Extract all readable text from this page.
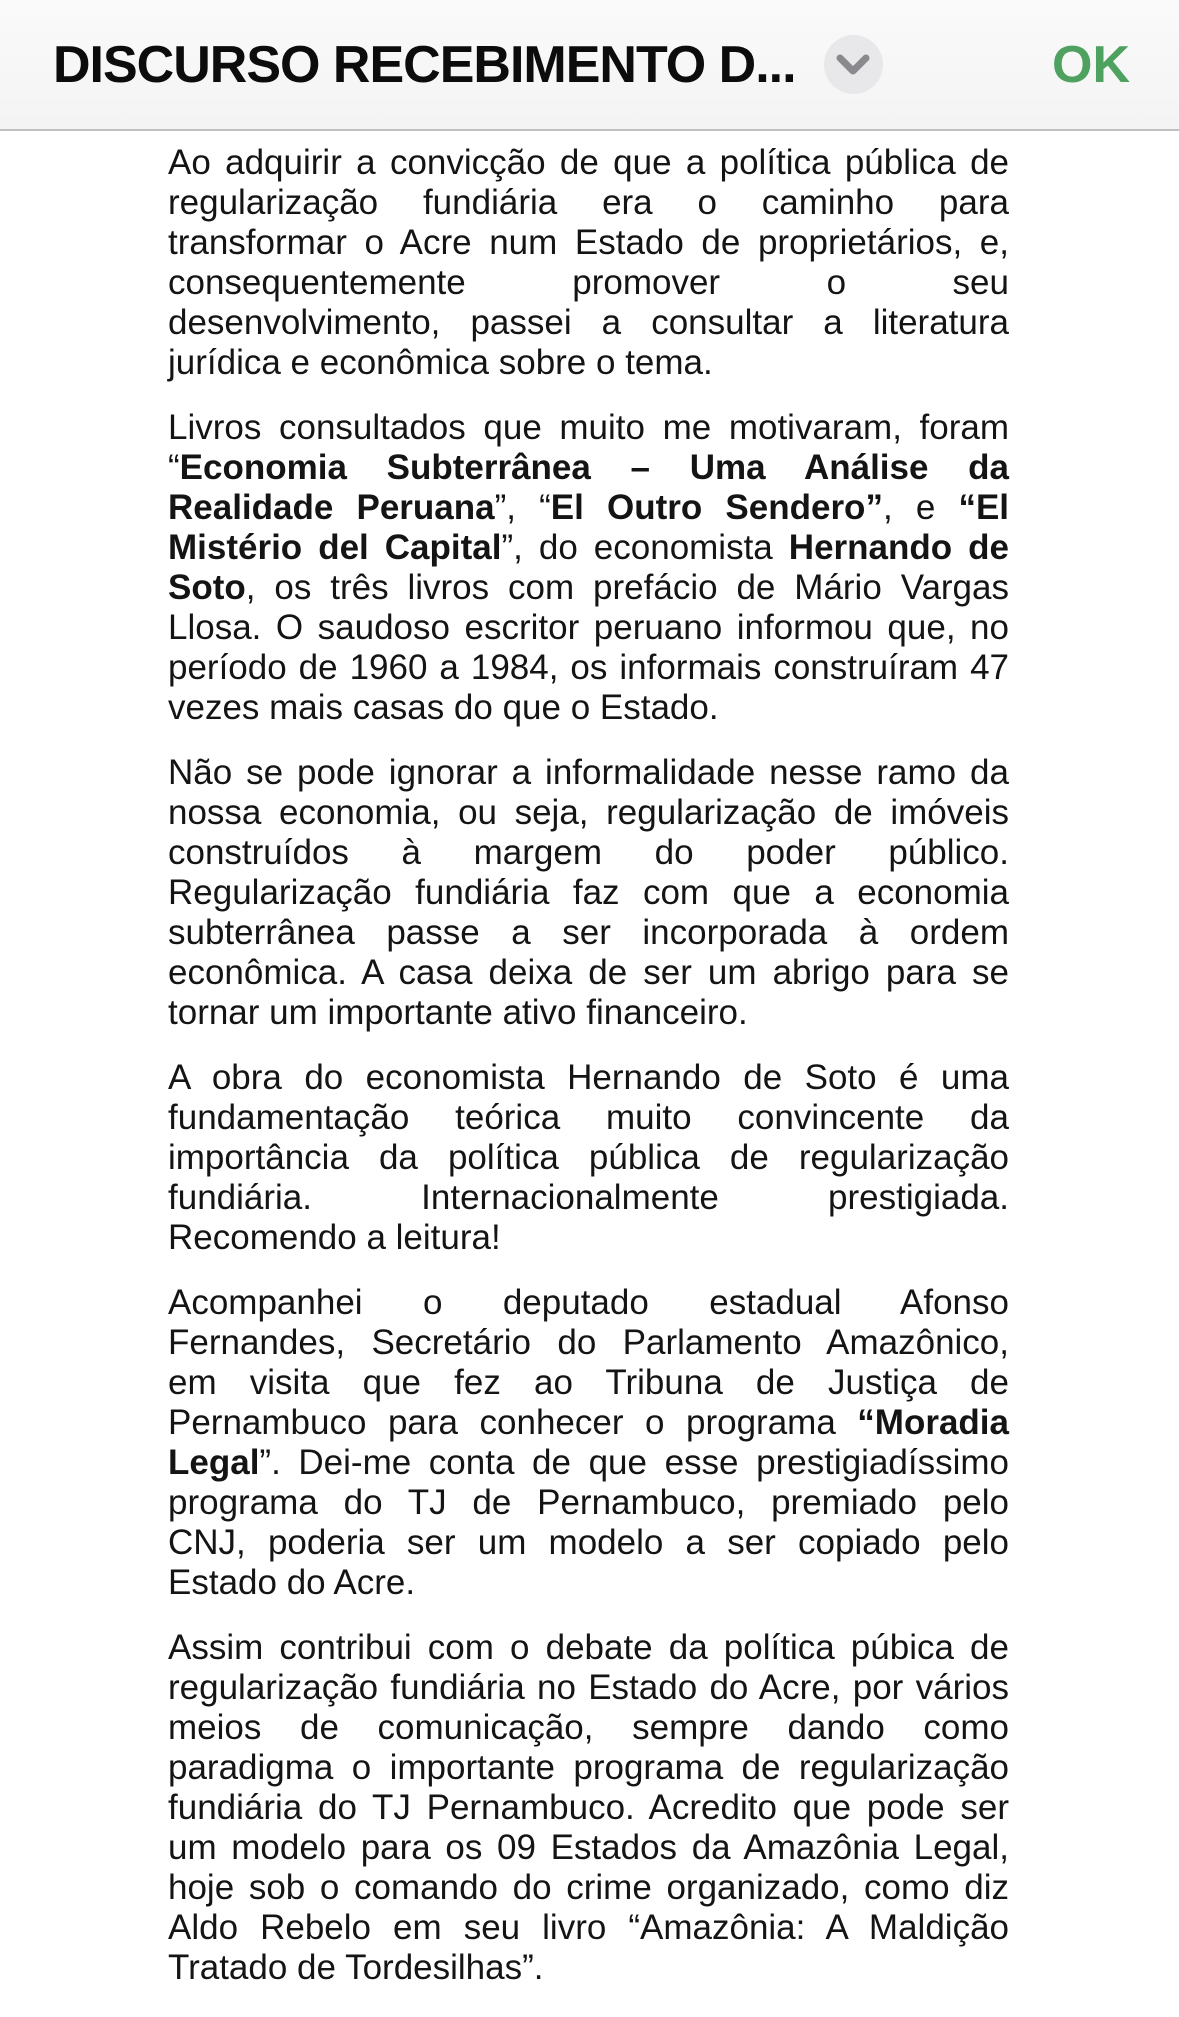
DISCURSO RECEBIMENTO D...	OK
Ao adquirir a convicção de que a política pública de
regularização fundiária era o caminho para
transformar o Acre num Estado de proprietários, e,
consequentemente promover o seu
desenvolvimento, passei a consultar a literatura
jurídica e econômica sobre o tema.
Livros consultados que muito me motivaram, foram
“Economia Subterrânea – Uma Análise da
Realidade Peruana”, “El Outro Sendero”, e “El
Mistério del Capital”, do economista Hernando de
Soto, os três livros com prefácio de Mário Vargas
Llosa. O saudoso escritor peruano informou que, no
período de 1960 a 1984, os informais construíram 47
vezes mais casas do que o Estado.
Não se pode ignorar a informalidade nesse ramo da
nossa economia, ou seja, regularização de imóveis
construídos à margem do poder público.
Regularização fundiária faz com que a economia
subterrânea passe a ser incorporada à ordem
econômica. A casa deixa de ser um abrigo para se
tornar um importante ativo financeiro.
A obra do economista Hernando de Soto é uma
fundamentação teórica muito convincente da
importância da política pública de regularização
fundiária. Internacionalmente prestigiada.
Recomendo a leitura!
Acompanhei o deputado estadual Afonso
Fernandes, Secretário do Parlamento Amazônico,
em visita que fez ao Tribuna de Justiça de
Pernambuco para conhecer o programa “Moradia
Legal”. Dei-me conta de que esse prestigiadíssimo
programa do TJ de Pernambuco, premiado pelo
CNJ, poderia ser um modelo a ser copiado pelo
Estado do Acre.
Assim contribui com o debate da política púbica de
regularização fundiária no Estado do Acre, por vários
meios de comunicação, sempre dando como
paradigma o importante programa de regularização
fundiária do TJ Pernambuco. Acredito que pode ser
um modelo para os 09 Estados da Amazônia Legal,
hoje sob o comando do crime organizado, como diz
Aldo Rebelo em seu livro “Amazônia: A Maldição
Tratado de Tordesilhas”.
